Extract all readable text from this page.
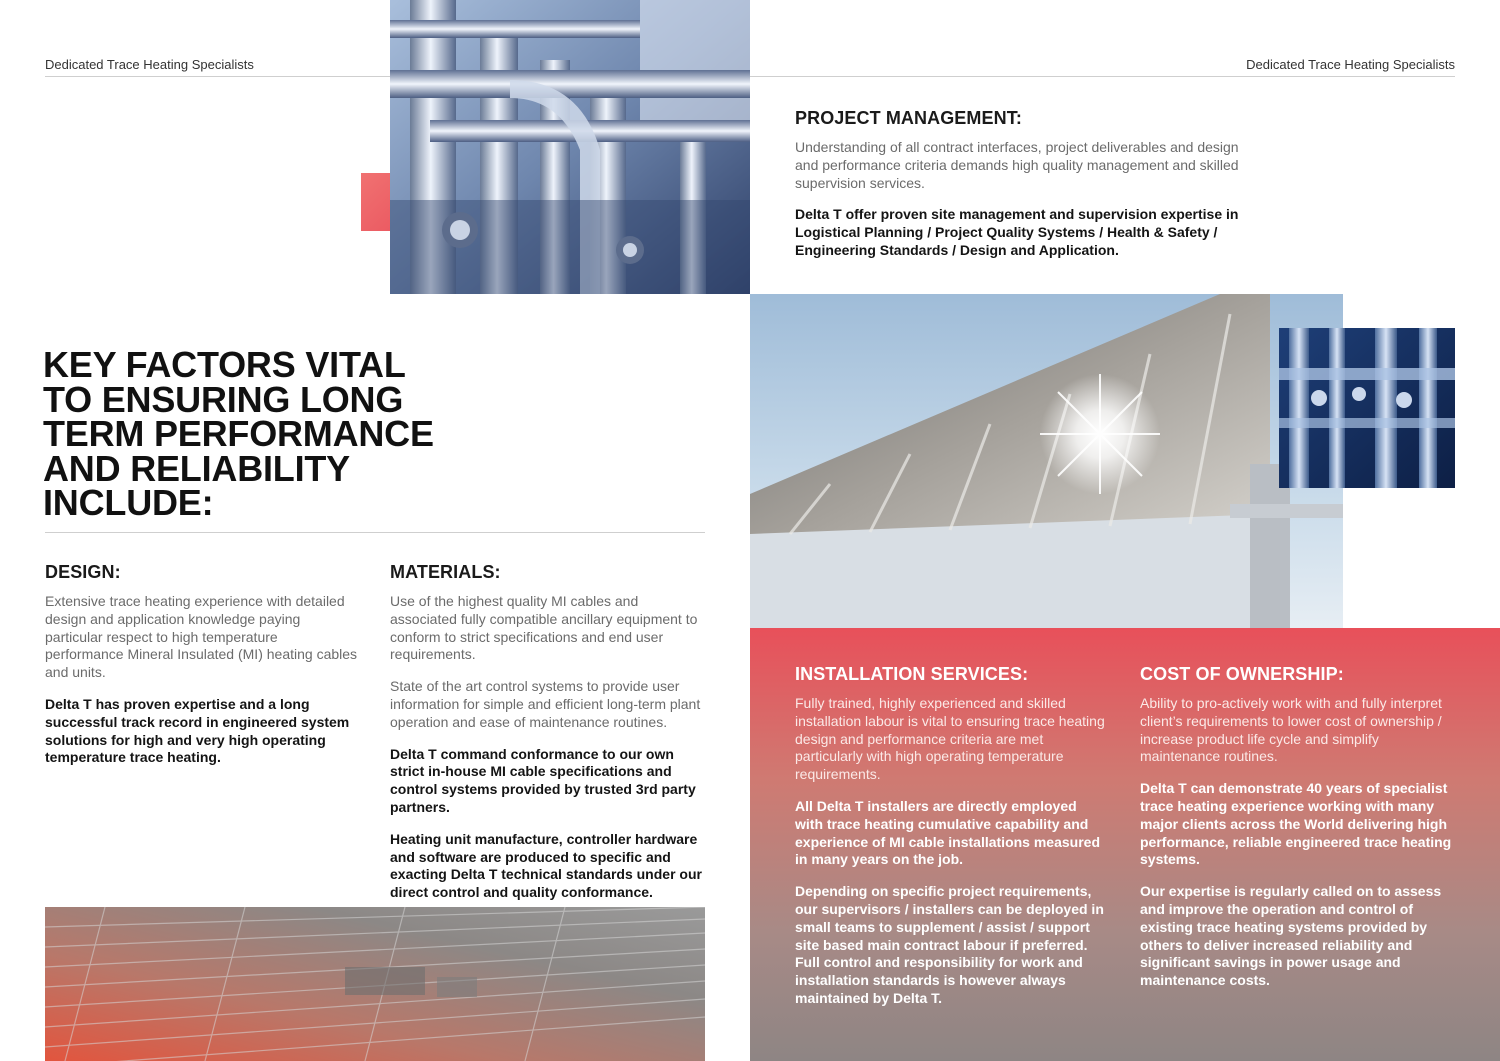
Dedicated Trace Heating Specialists	Dedicated Trace Heating Specialists
PROJECT MANAGEMENT:

Understanding of all contract interfaces, project deliverables and design and performance criteria demands high quality management and skilled supervision services.

Delta T offer proven site management and supervision expertise in Logistical Planning / Project Quality Systems / Health & Safety / Engineering Standards / Design and Application.

KEY FACTORS VITAL
TO ENSURING LONG
TERM PERFORMANCE
AND RELIABILITY
INCLUDE:
DESIGN:

Extensive trace heating experience with detailed design and application knowledge paying particular respect to high temperature performance Mineral Insulated (MI) heating cables and units.

Delta T has proven expertise and a long successful track record in engineered system solutions for high and very high operating temperature trace heating.

MATERIALS:

Use of the highest quality MI cables and associated fully compatible ancillary equipment to conform to strict specifications and end user requirements.

State of the art control systems to provide user information for simple and efficient long-term plant operation and ease of maintenance routines.

Delta T command conformance to our own strict in-house MI cable specifications and control systems provided by trusted 3rd party partners.

Heating unit manufacture, controller hardware and software are produced to specific and exacting Delta T technical standards under our direct control and quality conformance.

INSTALLATION SERVICES:

Fully trained, highly experienced and skilled installation labour is vital to ensuring trace heating design and performance criteria are met particularly with high operating temperature requirements.

All Delta T installers are directly employed with trace heating cumulative capability and experience of MI cable installations measured in many years on the job.

Depending on specific project requirements, our supervisors / installers can be deployed in small teams to supplement / assist / support site based main contract labour if preferred. Full control and responsibility for work and installation standards is however always maintained by Delta T.

COST OF OWNERSHIP:

Ability to pro-actively work with and fully interpret client’s requirements to lower cost of ownership / increase product life cycle and simplify maintenance routines.

Delta T can demonstrate 40 years of specialist trace heating experience working with many major clients across the World delivering high performance, reliable engineered trace heating systems.

Our expertise is regularly called on to assess and improve the operation and control of existing trace heating systems provided by others to deliver increased reliability and significant savings in power usage and maintenance costs.
